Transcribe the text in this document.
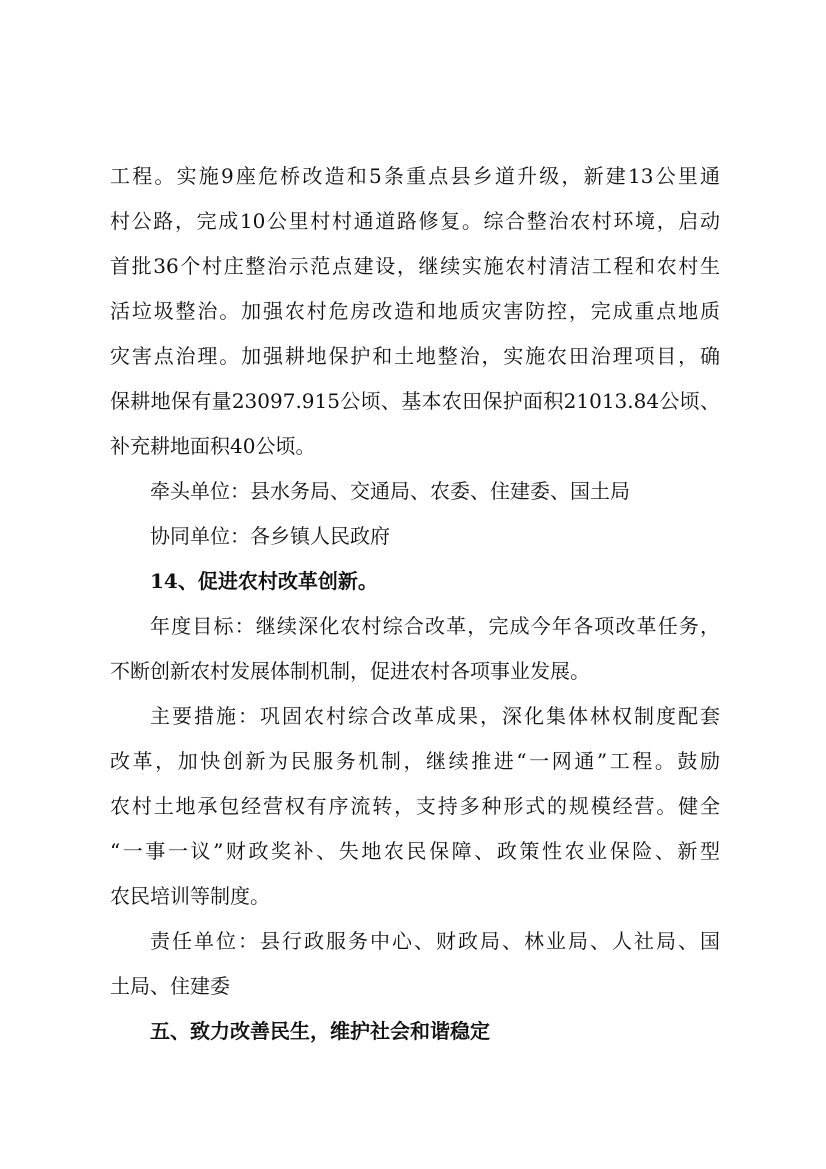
工程。实施9座危桥改造和5条重点县乡道升级，新建13公里通
村公路，完成10公里村村通道路修复。综合整治农村环境，启动
首批36个村庄整治示范点建设，继续实施农村清洁工程和农村生
活垃圾整治。加强农村危房改造和地质灾害防控，完成重点地质
灾害点治理。加强耕地保护和土地整治，实施农田治理项目，确
保耕地保有量23097.915公顷、基本农田保护面积21013.84公顷、
补充耕地面积40公顷。
牵头单位：县水务局、交通局、农委、住建委、国土局
协同单位：各乡镇人民政府
14、促进农村改革创新。
年度目标：继续深化农村综合改革，完成今年各项改革任务，
不断创新农村发展体制机制，促进农村各项事业发展。
主要措施：巩固农村综合改革成果，深化集体林权制度配套
改革，加快创新为民服务机制，继续推进“一网通”工程。鼓励
农村土地承包经营权有序流转，支持多种形式的规模经营。健全
“一事一议”财政奖补、失地农民保障、政策性农业保险、新型
农民培训等制度。
责任单位：县行政服务中心、财政局、林业局、人社局、国
土局、住建委
五、致力改善民生，维护社会和谐稳定
